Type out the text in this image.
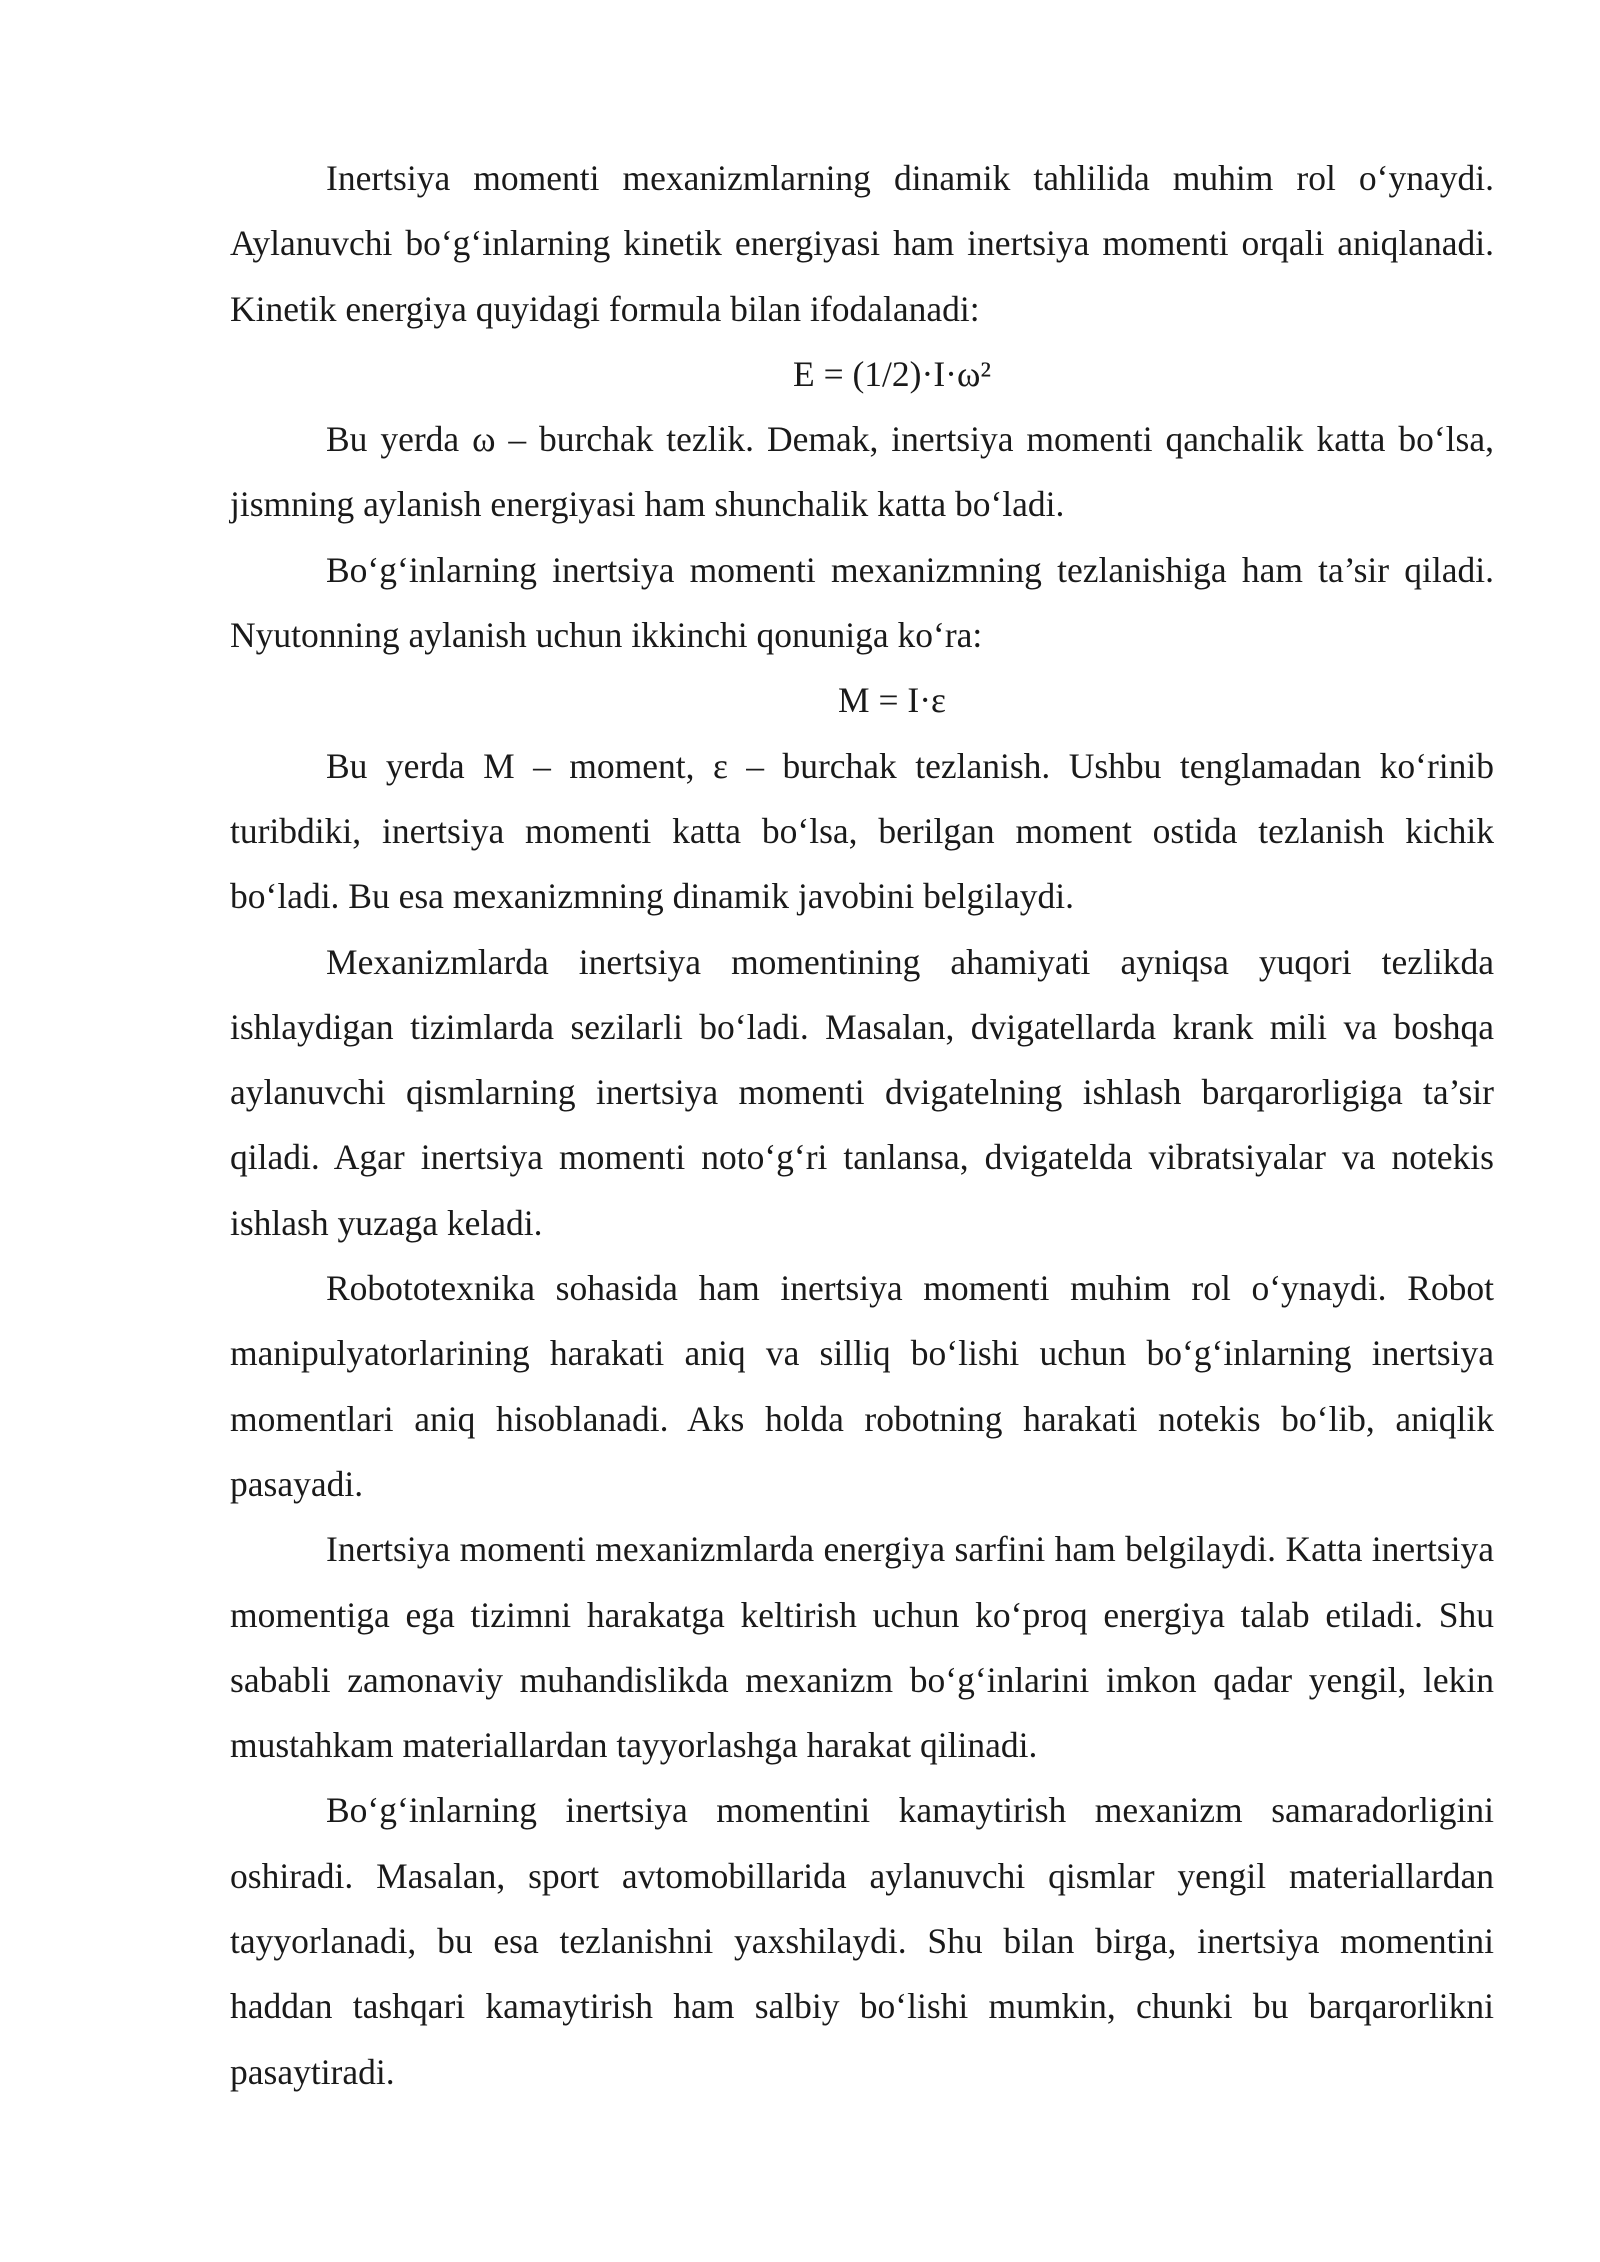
Inertsiya momenti mexanizmlarning dinamik tahlilida muhim rol o‘ynaydi. Aylanuvchi bo‘g‘inlarning kinetik energiyasi ham inertsiya momenti orqali aniqlanadi. Kinetik energiya quyidagi formula bilan ifodalanadi:

E = (1/2)·I·ω²

Bu yerda ω – burchak tezlik. Demak, inertsiya momenti qanchalik katta bo‘lsa, jismning aylanish energiyasi ham shunchalik katta bo‘ladi.

Bo‘g‘inlarning inertsiya momenti mexanizmning tezlanishiga ham ta’sir qiladi. Nyutonning aylanish uchun ikkinchi qonuniga ko‘ra:

M = I·ε

Bu yerda M – moment, ε – burchak tezlanish. Ushbu tenglamadan ko‘rinib turibdiki, inertsiya momenti katta bo‘lsa, berilgan moment ostida tezlanish kichik bo‘ladi. Bu esa mexanizmning dinamik javobini belgilaydi.

Mexanizmlarda inertsiya momentining ahamiyati ayniqsa yuqori tezlikda ishlaydigan tizimlarda sezilarli bo‘ladi. Masalan, dvigatellarda krank mili va boshqa aylanuvchi qismlarning inertsiya momenti dvigatelning ishlash barqarorligiga ta’sir qiladi. Agar inertsiya momenti noto‘g‘ri tanlansa, dvigatelda vibratsiyalar va notekis ishlash yuzaga keladi.

Robototexnika sohasida ham inertsiya momenti muhim rol o‘ynaydi. Robot manipulyatorlarining harakati aniq va silliq bo‘lishi uchun bo‘g‘inlarning inertsiya momentlari aniq hisoblanadi. Aks holda robotning harakati notekis bo‘lib, aniqlik pasayadi.

Inertsiya momenti mexanizmlarda energiya sarfini ham belgilaydi. Katta inertsiya momentiga ega tizimni harakatga keltirish uchun ko‘proq energiya talab etiladi. Shu sababli zamonaviy muhandislikda mexanizm bo‘g‘inlarini imkon qadar yengil, lekin mustahkam materiallardan tayyorlashga harakat qilinadi.

Bo‘g‘inlarning inertsiya momentini kamaytirish mexanizm samaradorligini oshiradi. Masalan, sport avtomobillarida aylanuvchi qismlar yengil materiallardan tayyorlanadi, bu esa tezlanishni yaxshilaydi. Shu bilan birga, inertsiya momentini haddan tashqari kamaytirish ham salbiy bo‘lishi mumkin, chunki bu barqarorlikni pasaytiradi.
